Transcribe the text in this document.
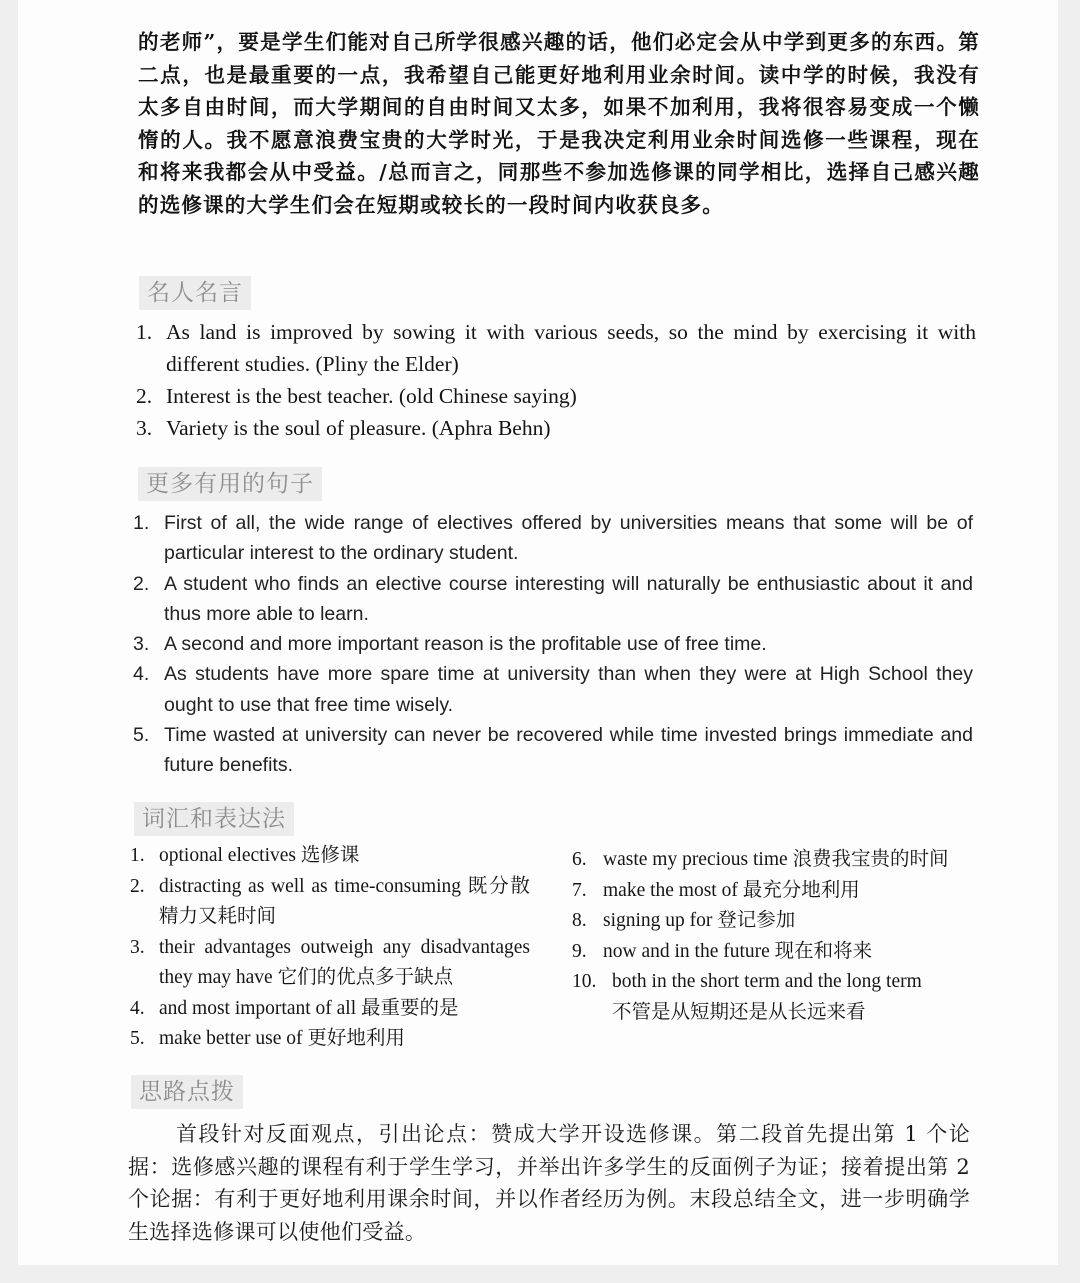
的老师”，要是学生们能对自己所学很感兴趣的话，他们必定会从中学到更多的东西。第二点，也是最重要的一点，我希望自己能更好地利用业余时间。读中学的时候，我没有太多自由时间，而大学期间的自由时间又太多，如果不加利用，我将很容易变成一个懒惰的人。我不愿意浪费宝贵的大学时光，于是我决定利用业余时间选修一些课程，现在和将来我都会从中受益。/总而言之，同那些不参加选修课的同学相比，选择自己感兴趣的选修课的大学生们会在短期或较长的一段时间内收获良多。

名人名言
1. As land is improved by sowing it with various seeds, so the mind by exercising it with different studies. (Pliny the Elder)
2. Interest is the best teacher. (old Chinese saying)
3. Variety is the soul of pleasure. (Aphra Behn)
更多有用的句子
1. First of all, the wide range of electives offered by universities means that some will be of particular interest to the ordinary student.
2. A student who finds an elective course interesting will naturally be enthusiastic about it and thus more able to learn.
3. A second and more important reason is the profitable use of free time.
4. As students have more spare time at university than when they were at High School they ought to use that free time wisely.
5. Time wasted at university can never be recovered while time invested brings immediate and future benefits.
词汇和表达法
1. optional electives 选修课
2. distracting as well as time-consuming 既分散精力又耗时间
3. their advantages outweigh any disadvantages they may have 它们的优点多于缺点
4. and most important of all 最重要的是
5. make better use of 更好地利用
6. waste my precious time 浪费我宝贵的时间
7. make the most of 最充分地利用
8. signing up for 登记参加
9. now and in the future 现在和将来
10. both in the short term and the long term
不管是从短期还是从长远来看
思路点拨

首段针对反面观点，引出论点：赞成大学开设选修课。第二段首先提出第 1 个论据：选修感兴趣的课程有利于学生学习，并举出许多学生的反面例子为证；接着提出第 2 个论据：有利于更好地利用课余时间，并以作者经历为例。末段总结全文，进一步明确学生选择选修课可以使他们受益。
